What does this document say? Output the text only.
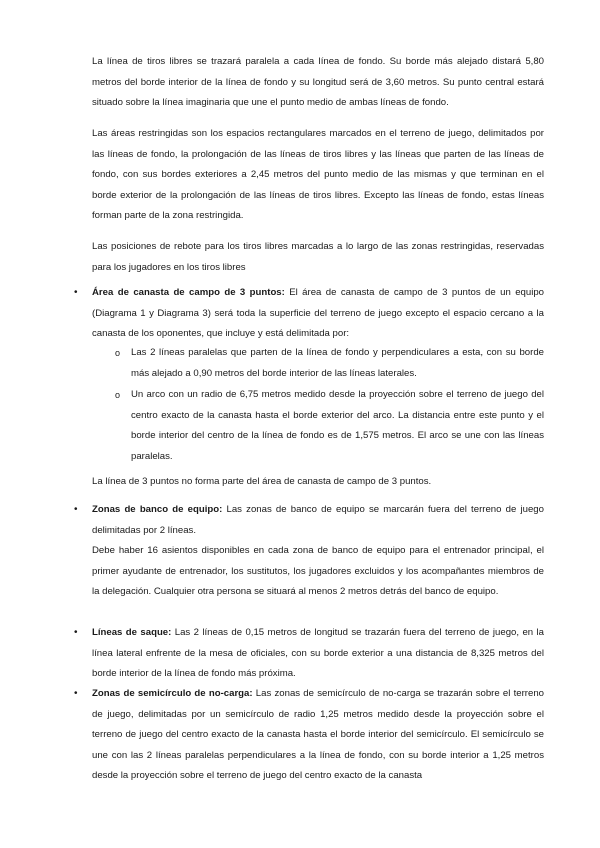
La línea de tiros libres se trazará paralela a cada línea de fondo. Su borde más alejado distará 5,80 metros del borde interior de la línea de fondo y su longitud será de 3,60 metros. Su punto central estará situado sobre la línea imaginaria que une el punto medio de ambas líneas de fondo.

Las áreas restringidas son los espacios rectangulares marcados en el terreno de juego, delimitados por las líneas de fondo, la prolongación de las líneas de tiros libres y las líneas que parten de las líneas de fondo, con sus bordes exteriores a 2,45 metros del punto medio de las mismas y que terminan en el borde exterior de la prolongación de las líneas de tiros libres. Excepto las líneas de fondo, estas líneas forman parte de la zona restringida.

Las posiciones de rebote para los tiros libres marcadas a lo largo de las zonas restringidas, reservadas para los jugadores en los tiros libres

• Área de canasta de campo de 3 puntos: El área de canasta de campo de 3 puntos de un equipo (Diagrama 1 y Diagrama 3) será toda la superficie del terreno de juego excepto el espacio cercano a la canasta de los oponentes, que incluye y está delimitada por:

o Las 2 líneas paralelas que parten de la línea de fondo y perpendiculares a esta, con su borde más alejado a 0,90 metros del borde interior de las líneas laterales.

o Un arco con un radio de 6,75 metros medido desde la proyección sobre el terreno de juego del centro exacto de la canasta hasta el borde exterior del arco. La distancia entre este punto y el borde interior del centro de la línea de fondo es de 1,575 metros. El arco se une con las líneas paralelas.

La línea de 3 puntos no forma parte del área de canasta de campo de 3 puntos.

• Zonas de banco de equipo: Las zonas de banco de equipo se marcarán fuera del terreno de juego delimitadas por 2 líneas.

Debe haber 16 asientos disponibles en cada zona de banco de equipo para el entrenador principal, el primer ayudante de entrenador, los sustitutos, los jugadores excluidos y los acompañantes miembros de la delegación. Cualquier otra persona se situará al menos 2 metros detrás del banco de equipo.

• Líneas de saque: Las 2 líneas de 0,15 metros de longitud se trazarán fuera del terreno de juego, en la línea lateral enfrente de la mesa de oficiales, con su borde exterior a una distancia de 8,325 metros del borde interior de la línea de fondo más próxima.

• Zonas de semicírculo de no-carga: Las zonas de semicírculo de no-carga se trazarán sobre el terreno de juego, delimitadas por un semicírculo de radio 1,25 metros medido desde la proyección sobre el terreno de juego del centro exacto de la canasta hasta el borde interior del semicírculo. El semicírculo se une con las 2 líneas paralelas perpendiculares a la línea de fondo, con su borde interior a 1,25 metros desde la proyección sobre el terreno de juego del centro exacto de la canasta
